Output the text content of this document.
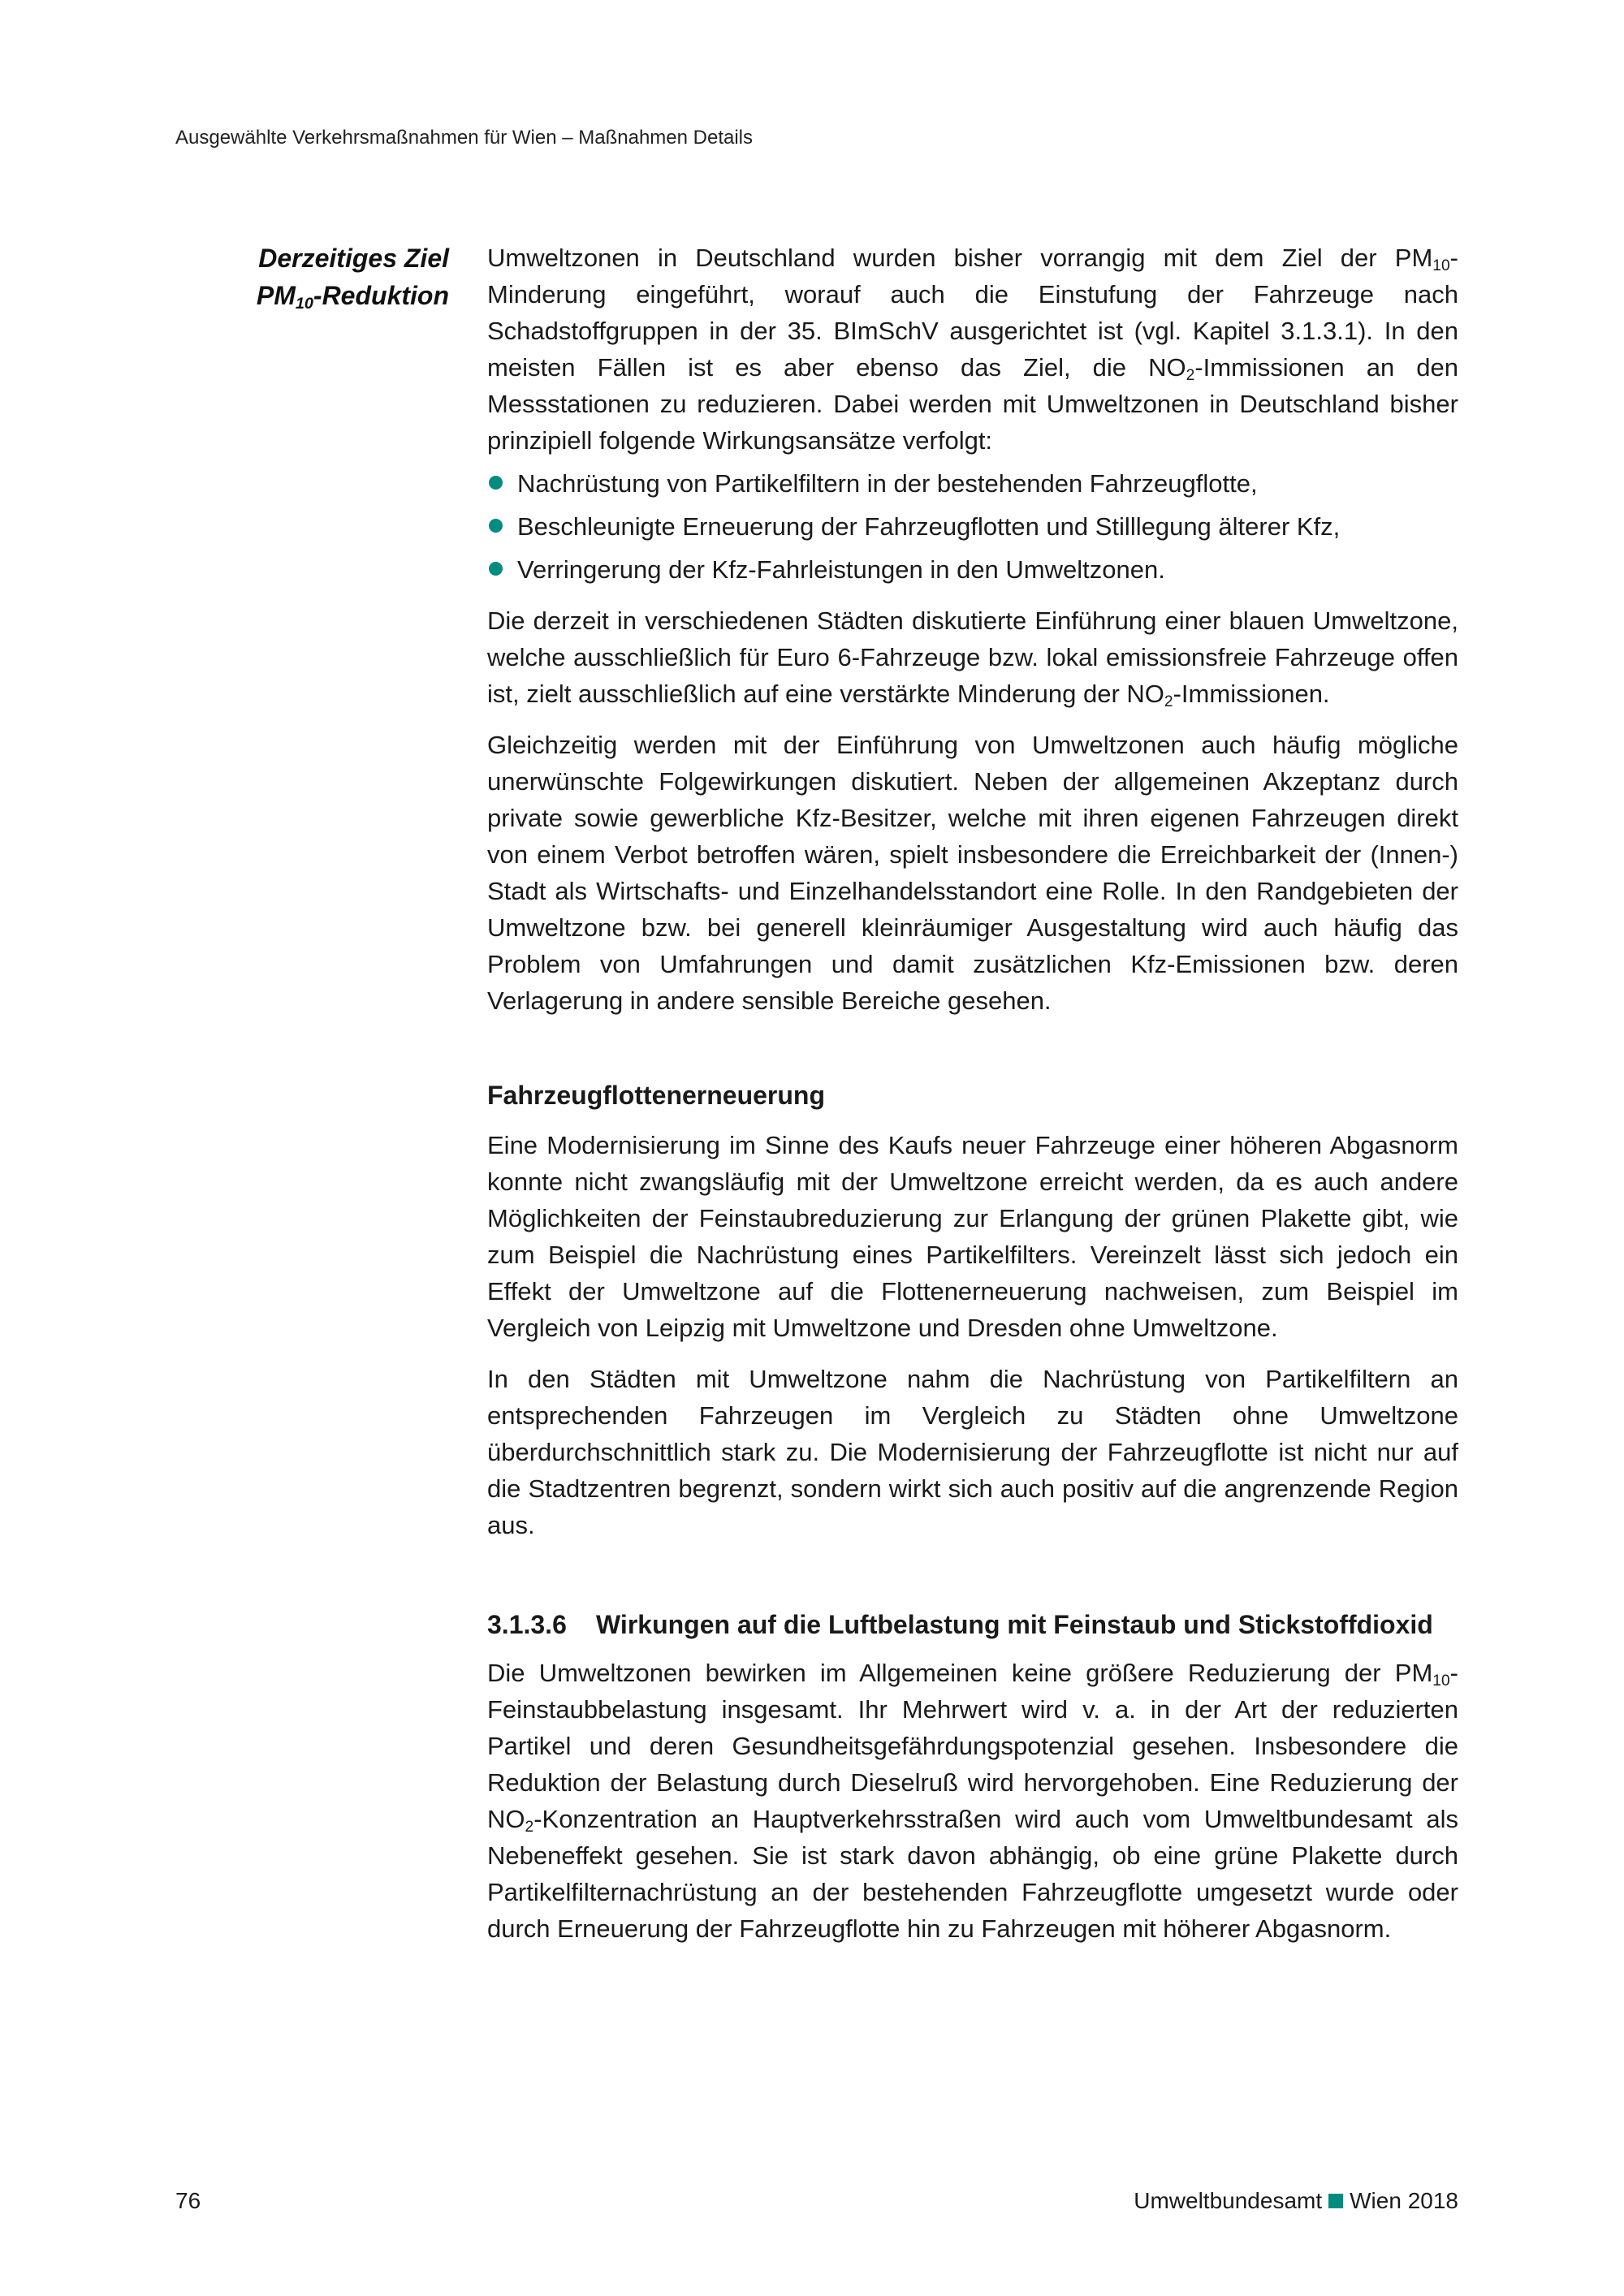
Ausgewählte Verkehrsmaßnahmen für Wien – Maßnahmen Details
Derzeitiges Ziel
$PM_{10}$-Reduktion

Umweltzonen in Deutschland wurden bisher vorrangig mit dem Ziel der $PM_{10}$-Minderung eingeführt, worauf auch die Einstufung der Fahrzeuge nach Schadstoffgruppen in der 35. BImSchV ausgerichtet ist (vgl. Kapitel 3.1.3.1). In den meisten Fällen ist es aber ebenso das Ziel, die $NO_2$-Immissionen an den Messstationen zu reduzieren. Dabei werden mit Umweltzonen in Deutschland bisher prinzipiell folgende Wirkungsansätze verfolgt:

Nachrüstung von Partikelfiltern in der bestehenden Fahrzeugflotte,
Beschleunigte Erneuerung der Fahrzeugflotten und Stilllegung älterer Kfz,
Verringerung der Kfz-Fahrleistungen in den Umweltzonen.

Die derzeit in verschiedenen Städten diskutierte Einführung einer blauen Umweltzone, welche ausschließlich für Euro 6-Fahrzeuge bzw. lokal emissionsfreie Fahrzeuge offen ist, zielt ausschließlich auf eine verstärkte Minderung der $NO_2$-Immissionen.

Gleichzeitig werden mit der Einführung von Umweltzonen auch häufig mögliche unerwünschte Folgewirkungen diskutiert. Neben der allgemeinen Akzeptanz durch private sowie gewerbliche Kfz-Besitzer, welche mit ihren eigenen Fahrzeugen direkt von einem Verbot betroffen wären, spielt insbesondere die Erreichbarkeit der (Innen-) Stadt als Wirtschafts- und Einzelhandelsstandort eine Rolle. In den Randgebieten der Umweltzone bzw. bei generell kleinräumiger Ausgestaltung wird auch häufig das Problem von Umfahrungen und damit zusätzlichen Kfz-Emissionen bzw. deren Verlagerung in andere sensible Bereiche gesehen.

Fahrzeugflottenerneuerung

Eine Modernisierung im Sinne des Kaufs neuer Fahrzeuge einer höheren Abgasnorm konnte nicht zwangsläufig mit der Umweltzone erreicht werden, da es auch andere Möglichkeiten der Feinstaubreduzierung zur Erlangung der grünen Plakette gibt, wie zum Beispiel die Nachrüstung eines Partikelfilters. Vereinzelt lässt sich jedoch ein Effekt der Umweltzone auf die Flottenerneuerung nachweisen, zum Beispiel im Vergleich von Leipzig mit Umweltzone und Dresden ohne Umweltzone.

In den Städten mit Umweltzone nahm die Nachrüstung von Partikelfiltern an entsprechenden Fahrzeugen im Vergleich zu Städten ohne Umweltzone überdurchschnittlich stark zu. Die Modernisierung der Fahrzeugflotte ist nicht nur auf die Stadtzentren begrenzt, sondern wirkt sich auch positiv auf die angrenzende Region aus.

3.1.3.6	Wirkungen auf die Luftbelastung mit Feinstaub und Stickstoffdioxid

Die Umweltzonen bewirken im Allgemeinen keine größere Reduzierung der $PM_{10}$-Feinstaubbelastung insgesamt. Ihr Mehrwert wird v. a. in der Art der reduzierten Partikel und deren Gesundheitsgefährdungspotenzial gesehen. Insbesondere die Reduktion der Belastung durch Dieselruß wird hervorgehoben. Eine Reduzierung der $NO_2$-Konzentration an Hauptverkehrsstraßen wird auch vom Umweltbundesamt als Nebeneffekt gesehen. Sie ist stark davon abhängig, ob eine grüne Plakette durch Partikelfilternachrüstung an der bestehenden Fahrzeugflotte umgesetzt wurde oder durch Erneuerung der Fahrzeugflotte hin zu Fahrzeugen mit höherer Abgasnorm.

76	Umweltbundesamt Wien 2018
